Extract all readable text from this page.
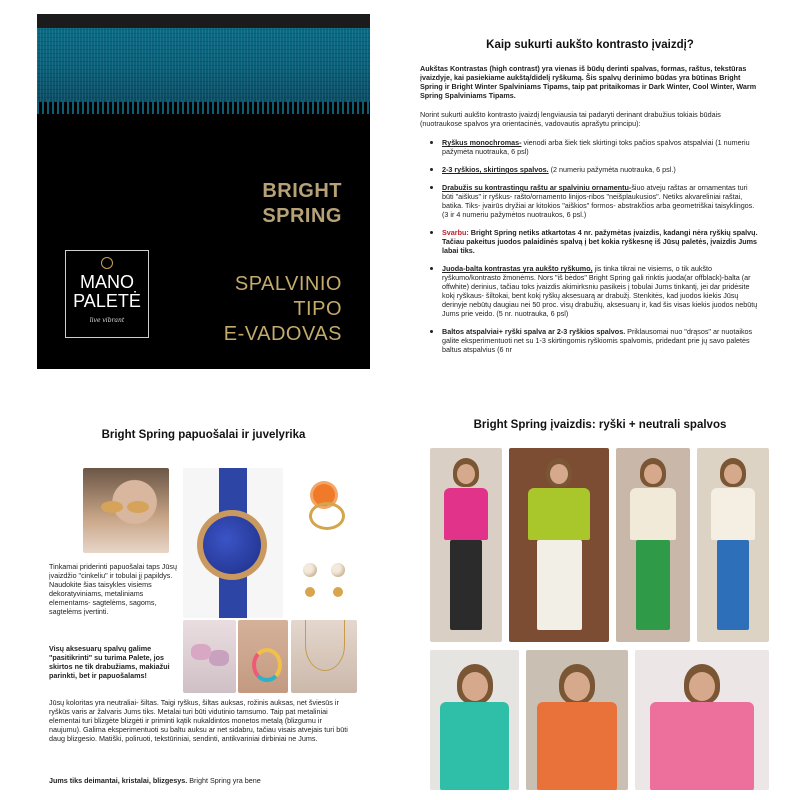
BRIGHT
SPRING
SPALVINIO
TIPO
E-VADOVAS
MANO
PALETĖ
live vibrant
Kaip sukurti aukšto kontrasto įvaizdį?

Aukštas Kontrastas (high contrast) yra vienas iš būdų derinti spalvas, formas, raštus, tekstūras įvaizdyje, kai pasiekiame aukštą/didelį ryškumą. Šis spalvų derinimo būdas yra būtinas Bright Spring ir Bright Winter Spalviniams Tipams, taip pat pritaikomas ir Dark Winter, Cool Winter, Warm Spring Spalviniams Tipams.

Norint sukurti aukšto kontrasto įvaizdį lengviausia tai padaryti derinant drabužius tokiais būdais (nuotraukose spalvos yra orientacinės, vadovautis aprašytu principu):

• Ryškus monochromas- vienodi arba šiek tiek skirtingi toks pačios spalvos atspalviai (1 numeriu pažymėta nuotrauka, 6 psl)
• 2-3 ryškios, skirtingos spalvos. (2 numeriu pažymėta nuotrauka, 6 psl.)
• Drabužis su kontrastingu raštu ar spalviniu ornamentu-šiuo atveju raštas ar ornamentas turi būti "aiškus" ir ryškus- rašto/ornamento linijos-ribos "neišplaukusios". Netiks akvareliniai raštai, batika. Tiks- įvairūs dryžiai ar kitokios "aiškios" formos- abstrakčios arba geometriškai taisyklingos. (3 ir 4 numeriu pažymėtos nuotraukos, 6 psl.)
• Svarbu: Bright Spring netiks atkartotas 4 nr. pažymėtas įvaizdis, kadangi nėra ryškių spalvų. Tačiau pakeitus juodos palaidinės spalvą į bet kokia ryškesnę iš Jūsų paletės, įvaizdis Jums labai tiks.
• Juoda-balta kontrastas yra aukšto ryškumo, jis tinka tikrai ne visiems, o tik aukšto ryškumo/kontrasto žmonėms. Nors "iš bėdos" Bright Spring gali rinktis juoda(ar offblack)-balta (ar offwhite) derinius, tačiau toks įvaizdis akimirksniu pasikeis į tobulai Jums tinkantį, jei dar pridėsite kokį ryškaus- šiltokai, bent kokį ryškų aksesuarą ar drabužį. Stenkitės, kad juodos kiekis Jūsų derinyje nebūtų daugiau nei 50 proc. visų drabužių, aksesuarų ir, kad šis visas kiekis juodos nebūtų Jums prie veido. (5 nr. nuotrauka, 6 psl)
• Baltos atspalviai+ ryški spalva ar 2-3 ryškios spalvos. Priklausomai nuo "drąsos" ar nuotaikos galite eksperimentuoti net su 1-3 skirtingomis ryškiomis spalvomis, pridedant prie jų savo paletės baltus atspalvius (6 nr
Bright Spring papuošalai ir juvelyrika
Tinkamai priderinti papuošalai taps Jūsų įvaizdžio "cinkeliu" ir tobulai jį papildys. Naudokite šias taisykles visiems dekoratyviniams, metaliniams elementams- sagtelėms, sagoms, sagtelėms įvertinti.
Visų aksesuarų spalvų galime "pasitikrinti" su turima Palete, jos skirtos ne tik drabužiams, makiažui parinkti, bet ir papuošalams!
Jūsų koloritas yra neutraliai- šiltas. Taigi ryškus, šiltas auksas, rožinis auksas, net šviesūs ir ryškūs varis ar žalvaris Jums tiks. Metalai turi būti vidutinio tamsumo. Taip pat metaliniai elementai turi blizgėte blizgėti ir priminti kątik nukaldintos monetos metalą (blizgumu ir naujumu). Galima eksperimentuoti su baltu auksu ar net sidabru, tačiau visais atvejais turi būti daug blizgesio. Matiški, poliruoti, tekstūriniai, sendinti, antikvariniai dirbiniai ne Jums.
Jums tiks deimantai, kristalai, blizgesys. Bright Spring yra bene
Bright Spring įvaizdis: ryški + neutrali spalvos
